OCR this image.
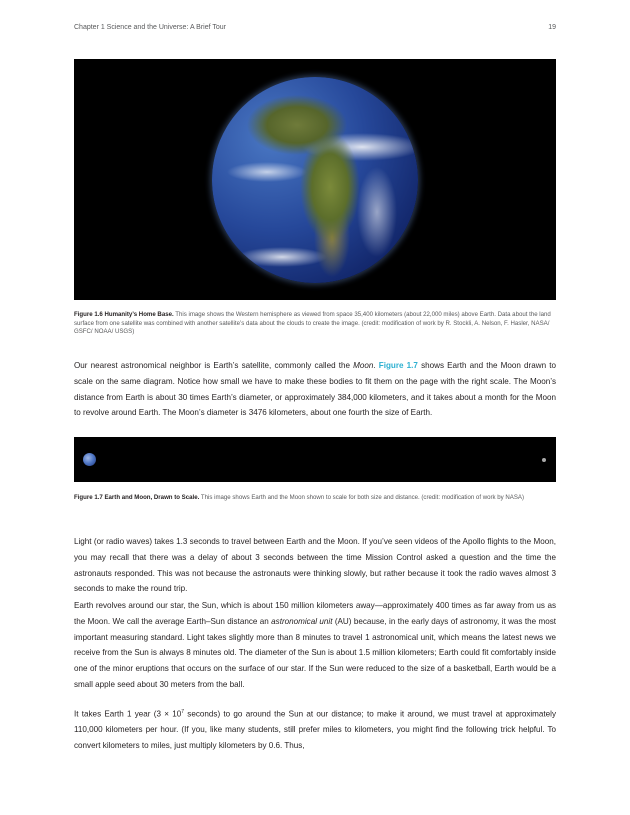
Chapter 1 Science and the Universe: A Brief Tour	19
Figure 1.6 Humanity’s Home Base. This image shows the Western hemisphere as viewed from space 35,400 kilometers (about 22,000 miles) above Earth. Data about the land surface from one satellite was combined with another satellite’s data about the clouds to create the image. (credit: modification of work by R. Stockli, A. Nelson, F. Hasler, NASA/ GSFC/ NOAA/ USGS)

Our nearest astronomical neighbor is Earth’s satellite, commonly called the Moon. Figure 1.7 shows Earth and the Moon drawn to scale on the same diagram. Notice how small we have to make these bodies to fit them on the page with the right scale. The Moon’s distance from Earth is about 30 times Earth’s diameter, or approximately 384,000 kilometers, and it takes about a month for the Moon to revolve around Earth. The Moon’s diameter is 3476 kilometers, about one fourth the size of Earth.

Figure 1.7 Earth and Moon, Drawn to Scale. This image shows Earth and the Moon shown to scale for both size and distance. (credit: modification of work by NASA)

Light (or radio waves) takes 1.3 seconds to travel between Earth and the Moon. If you’ve seen videos of the Apollo flights to the Moon, you may recall that there was a delay of about 3 seconds between the time Mission Control asked a question and the time the astronauts responded. This was not because the astronauts were thinking slowly, but rather because it took the radio waves almost 3 seconds to make the round trip.

Earth revolves around our star, the Sun, which is about 150 million kilometers away—approximately 400 times as far away from us as the Moon. We call the average Earth–Sun distance an astronomical unit (AU) because, in the early days of astronomy, it was the most important measuring standard. Light takes slightly more than 8 minutes to travel 1 astronomical unit, which means the latest news we receive from the Sun is always 8 minutes old. The diameter of the Sun is about 1.5 million kilometers; Earth could fit comfortably inside one of the minor eruptions that occurs on the surface of our star. If the Sun were reduced to the size of a basketball, Earth would be a small apple seed about 30 meters from the ball.

It takes Earth 1 year ($3 \times 10^7$ seconds) to go around the Sun at our distance; to make it around, we must travel at approximately 110,000 kilometers per hour. (If you, like many students, still prefer miles to kilometers, you might find the following trick helpful. To convert kilometers to miles, just multiply kilometers by 0.6. Thus,
